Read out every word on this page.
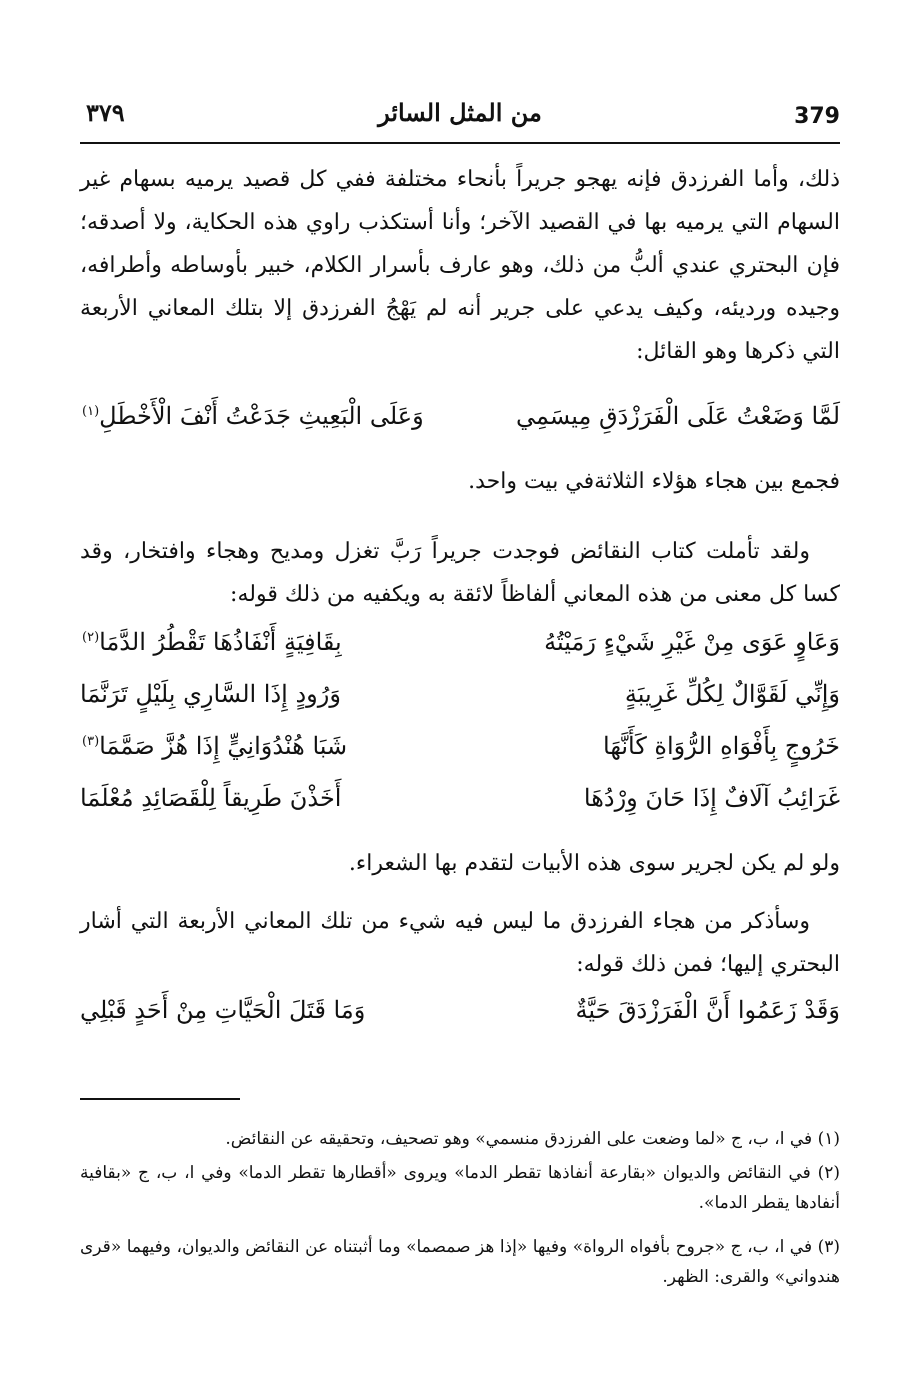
٣٧٩	من المثل السائر	379

ذلك، وأما الفرزدق فإنه يهجو جريراً بأنحاء مختلفة ففي كل قصيد يرميه بسهام غير السهام التي يرميه بها في القصيد الآخر؛ وأنا أستكذب راوي هذه الحكاية، ولا أصدقه؛ فإن البحتري عندي ألبُّ من ذلك، وهو عارف بأسرار الكلام، خبير بأوساطه وأطرافه، وجيده ورديئه، وكيف يدعي على جرير أنه لم يَهْجُ الفرزدق إلا بتلك المعاني الأربعة التي ذكرها وهو القائل:

لَمَّا وَضَعْتُ عَلَى الْفَرَزْدَقِ مِيسَمِي
وَعَلَى الْبَعِيثِ جَدَعْتُ أَنْفَ الْأَخْطَلِ$^{(١)}$

فجمع بين هجاء هؤلاء الثلاثةفي بيت واحد.

ولقد تأملت كتاب النقائض فوجدت جريراً رَبَّ تغزل ومديح وهجاء وافتخار، وقد كسا كل معنى من هذه المعاني ألفاظاً لائقة به ويكفيه من ذلك قوله:

وَعَاوٍ عَوَى مِنْ غَيْرِ شَيْءٍ رَمَيْتُهُ
بِقَافِيَةٍ أَنْفَاذُهَا تَقْطُرُ الدَّمَا$^{(٢)}$
وَإِنِّي لَقَوَّالٌ لِكُلِّ غَرِيبَةٍ
وَرُودٍ إِذَا السَّارِي بِلَيْلٍ تَرَنَّمَا
خَرُوجٍ بِأَفْوَاهِ الرُّوَاةِ كَأَنَّهَا
شَبَا هُنْدُوَانِيٍّ إِذَا هُزَّ صَمَّمَا$^{(٣)}$
غَرَائِبُ آلَافٌ إِذَا حَانَ وِرْدُهَا
أَخَذْنَ طَرِيقاً لِلْقَصَائِدِ مُعْلَمَا

ولو لم يكن لجرير سوى هذه الأبيات لتقدم بها الشعراء.

وسأذكر من هجاء الفرزدق ما ليس فيه شيء من تلك المعاني الأربعة التي أشار البحتري إليها؛ فمن ذلك قوله:

وَقَدْ زَعَمُوا أَنَّ الْفَرَزْدَقَ حَيَّةٌ
وَمَا قَتَلَ الْحَيَّاتِ مِنْ أَحَدٍ قَبْلِي

(١) في ا، ب، ج «لما وضعت على الفرزدق منسمي» وهو تصحيف، وتحقيقه عن النقائض.

(٢) في النقائض والديوان «بقارعة أنفاذها تقطر الدما» ويروى «أقطارها تقطر الدما» وفي ا، ب، ج «بقافية أنفادها يقطر الدما».

(٣) في ا، ب، ج «جروح بأفواه الرواة» وفيها «إذا هز صمصما» وما أثبتناه عن النقائض والديوان، وفيهما «قرى هندواني» والقرى: الظهر.
